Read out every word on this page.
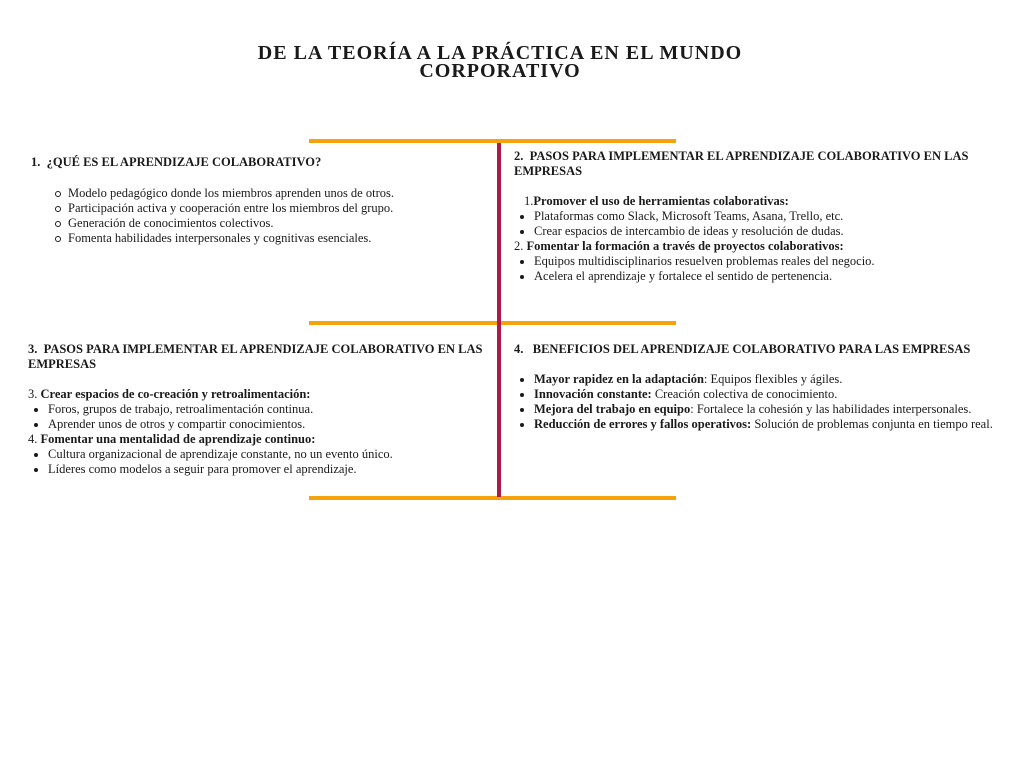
DE LA TEORÍA A LA PRÁCTICA EN EL MUNDO CORPORATIVO

1. ¿QUÉ ES EL APRENDIZAJE COLABORATIVO?

Modelo pedagógico donde los miembros aprenden unos de otros.
Participación activa y cooperación entre los miembros del grupo.
Generación de conocimientos colectivos.
Fomenta habilidades interpersonales y cognitivas esenciales.

2. PASOS PARA IMPLEMENTAR EL APRENDIZAJE COLABORATIVO EN LAS EMPRESAS

1.Promover el uso de herramientas colaborativas:

Plataformas como Slack, Microsoft Teams, Asana, Trello, etc.
Crear espacios de intercambio de ideas y resolución de dudas.

2. Fomentar la formación a través de proyectos colaborativos:

Equipos multidisciplinarios resuelven problemas reales del negocio.
Acelera el aprendizaje y fortalece el sentido de pertenencia.

3. PASOS PARA IMPLEMENTAR EL APRENDIZAJE COLABORATIVO EN LAS EMPRESAS

3. Crear espacios de co-creación y retroalimentación:

Foros, grupos de trabajo, retroalimentación continua.
Aprender unos de otros y compartir conocimientos.

4. Fomentar una mentalidad de aprendizaje continuo:

Cultura organizacional de aprendizaje constante, no un evento único.
Líderes como modelos a seguir para promover el aprendizaje.

4. BENEFICIOS DEL APRENDIZAJE COLABORATIVO PARA LAS EMPRESAS

Mayor rapidez en la adaptación: Equipos flexibles y ágiles.
Innovación constante: Creación colectiva de conocimiento.
Mejora del trabajo en equipo: Fortalece la cohesión y las habilidades interpersonales.
Reducción de errores y fallos operativos: Solución de problemas conjunta en tiempo real.
